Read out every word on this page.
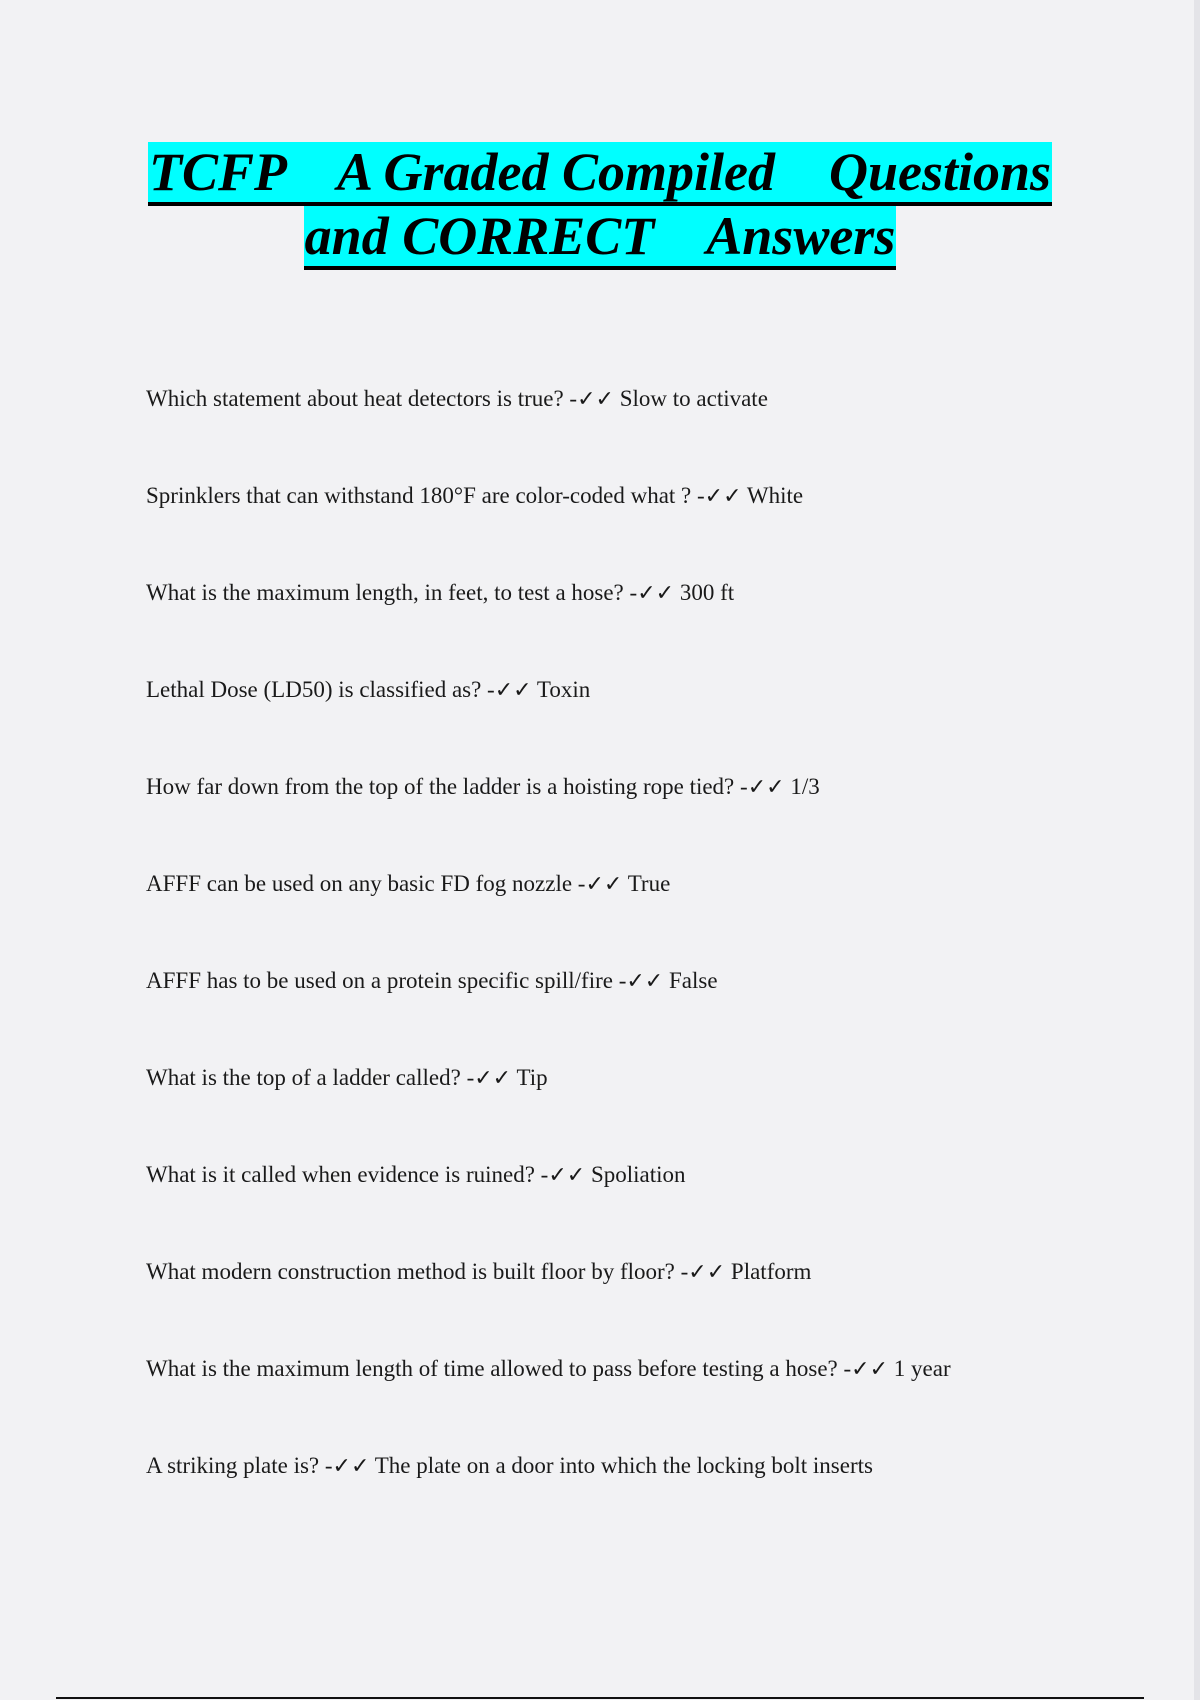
TCFP    A Graded Compiled    Questions
and CORRECT    Answers
Which statement about heat detectors is true? -✓✓ Slow to activate
Sprinklers that can withstand 180°F are color-coded what ? -✓✓ White
What is the maximum length, in feet, to test a hose? -✓✓ 300 ft
Lethal Dose (LD50) is classified as? -✓✓ Toxin
How far down from the top of the ladder is a hoisting rope tied? -✓✓ 1/3
AFFF can be used on any basic FD fog nozzle -✓✓ True
AFFF has to be used on a protein specific spill/fire -✓✓ False
What is the top of a ladder called? -✓✓ Tip
What is it called when evidence is ruined? -✓✓ Spoliation
What modern construction method is built floor by floor? -✓✓ Platform
What is the maximum length of time allowed to pass before testing a hose? -✓✓ 1 year
A striking plate is? -✓✓ The plate on a door into which the locking bolt inserts
